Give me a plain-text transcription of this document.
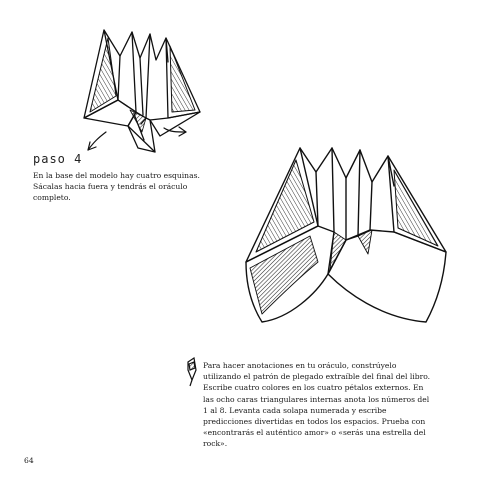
paso 4
En la base del modelo hay cuatro esquinas. Sácalas hacia fuera y tendrás el oráculo completo.
Para hacer anotaciones en tu oráculo, constrúyelo utilizando el patrón de plegado extraíble del final del libro. Escribe cuatro colores en los cuatro pétalos externos. En las ocho caras triangulares internas anota los números del 1 al 8. Levanta cada solapa numerada y escribe predicciones divertidas en todos los espacios. Prueba con «encontrarás el auténtico amor» o «serás una estrella del rock».
64
